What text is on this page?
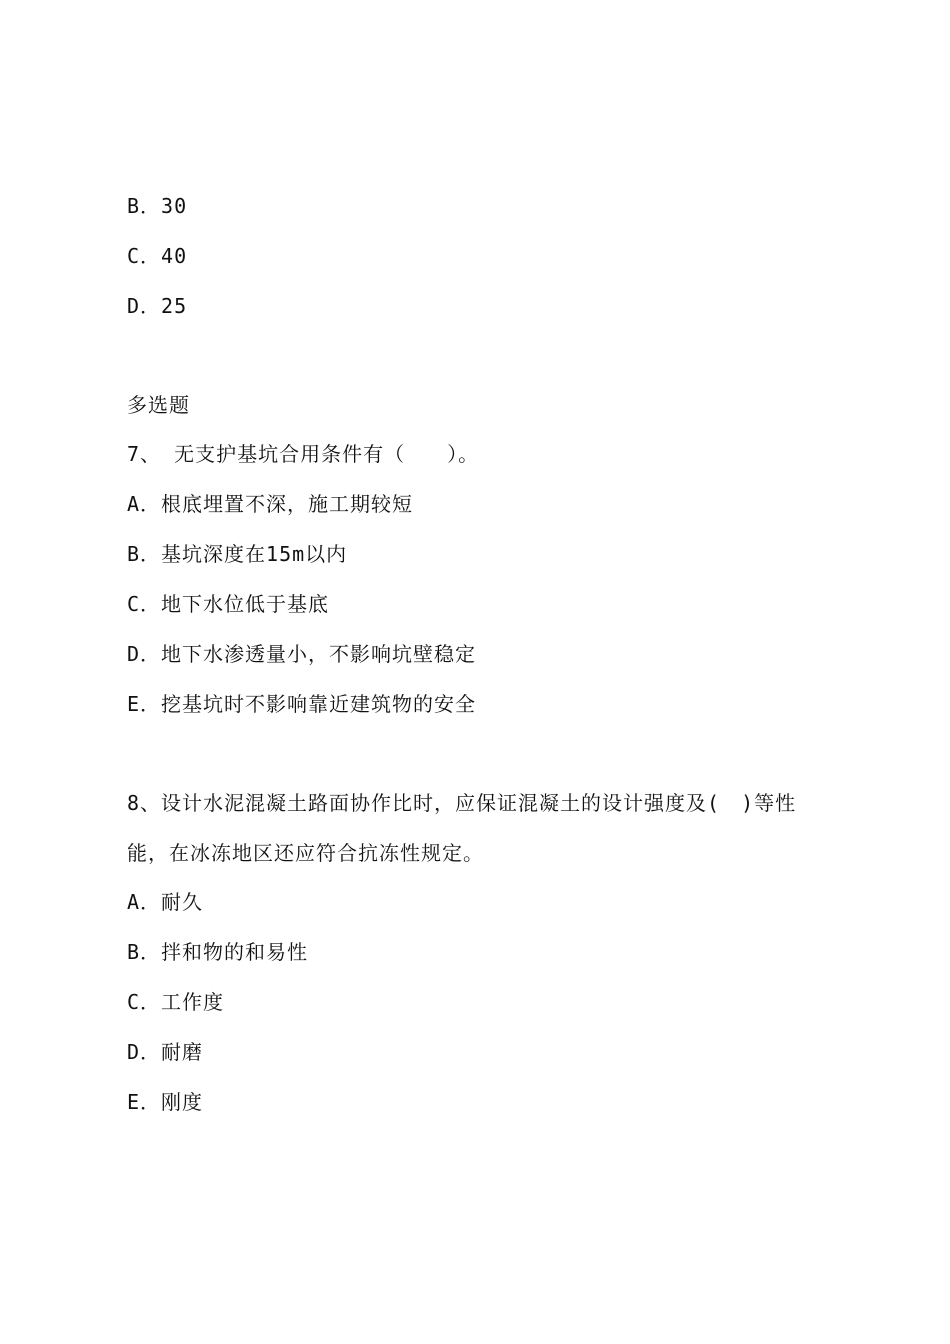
B．30
C．40
D．25
多选题
7、 无支护基坑合用条件有（　　）。
A．根底埋置不深，施工期较短
B．基坑深度在15m以内
C．地下水位低于基底
D．地下水渗透量小，不影响坑壁稳定
E．挖基坑时不影响靠近建筑物的安全
8、设计水泥混凝土路面协作比时，应保证混凝土的设计强度及(　)等性
能，在冰冻地区还应符合抗冻性规定。
A．耐久
B．拌和物的和易性
C．工作度
D．耐磨
E．刚度
